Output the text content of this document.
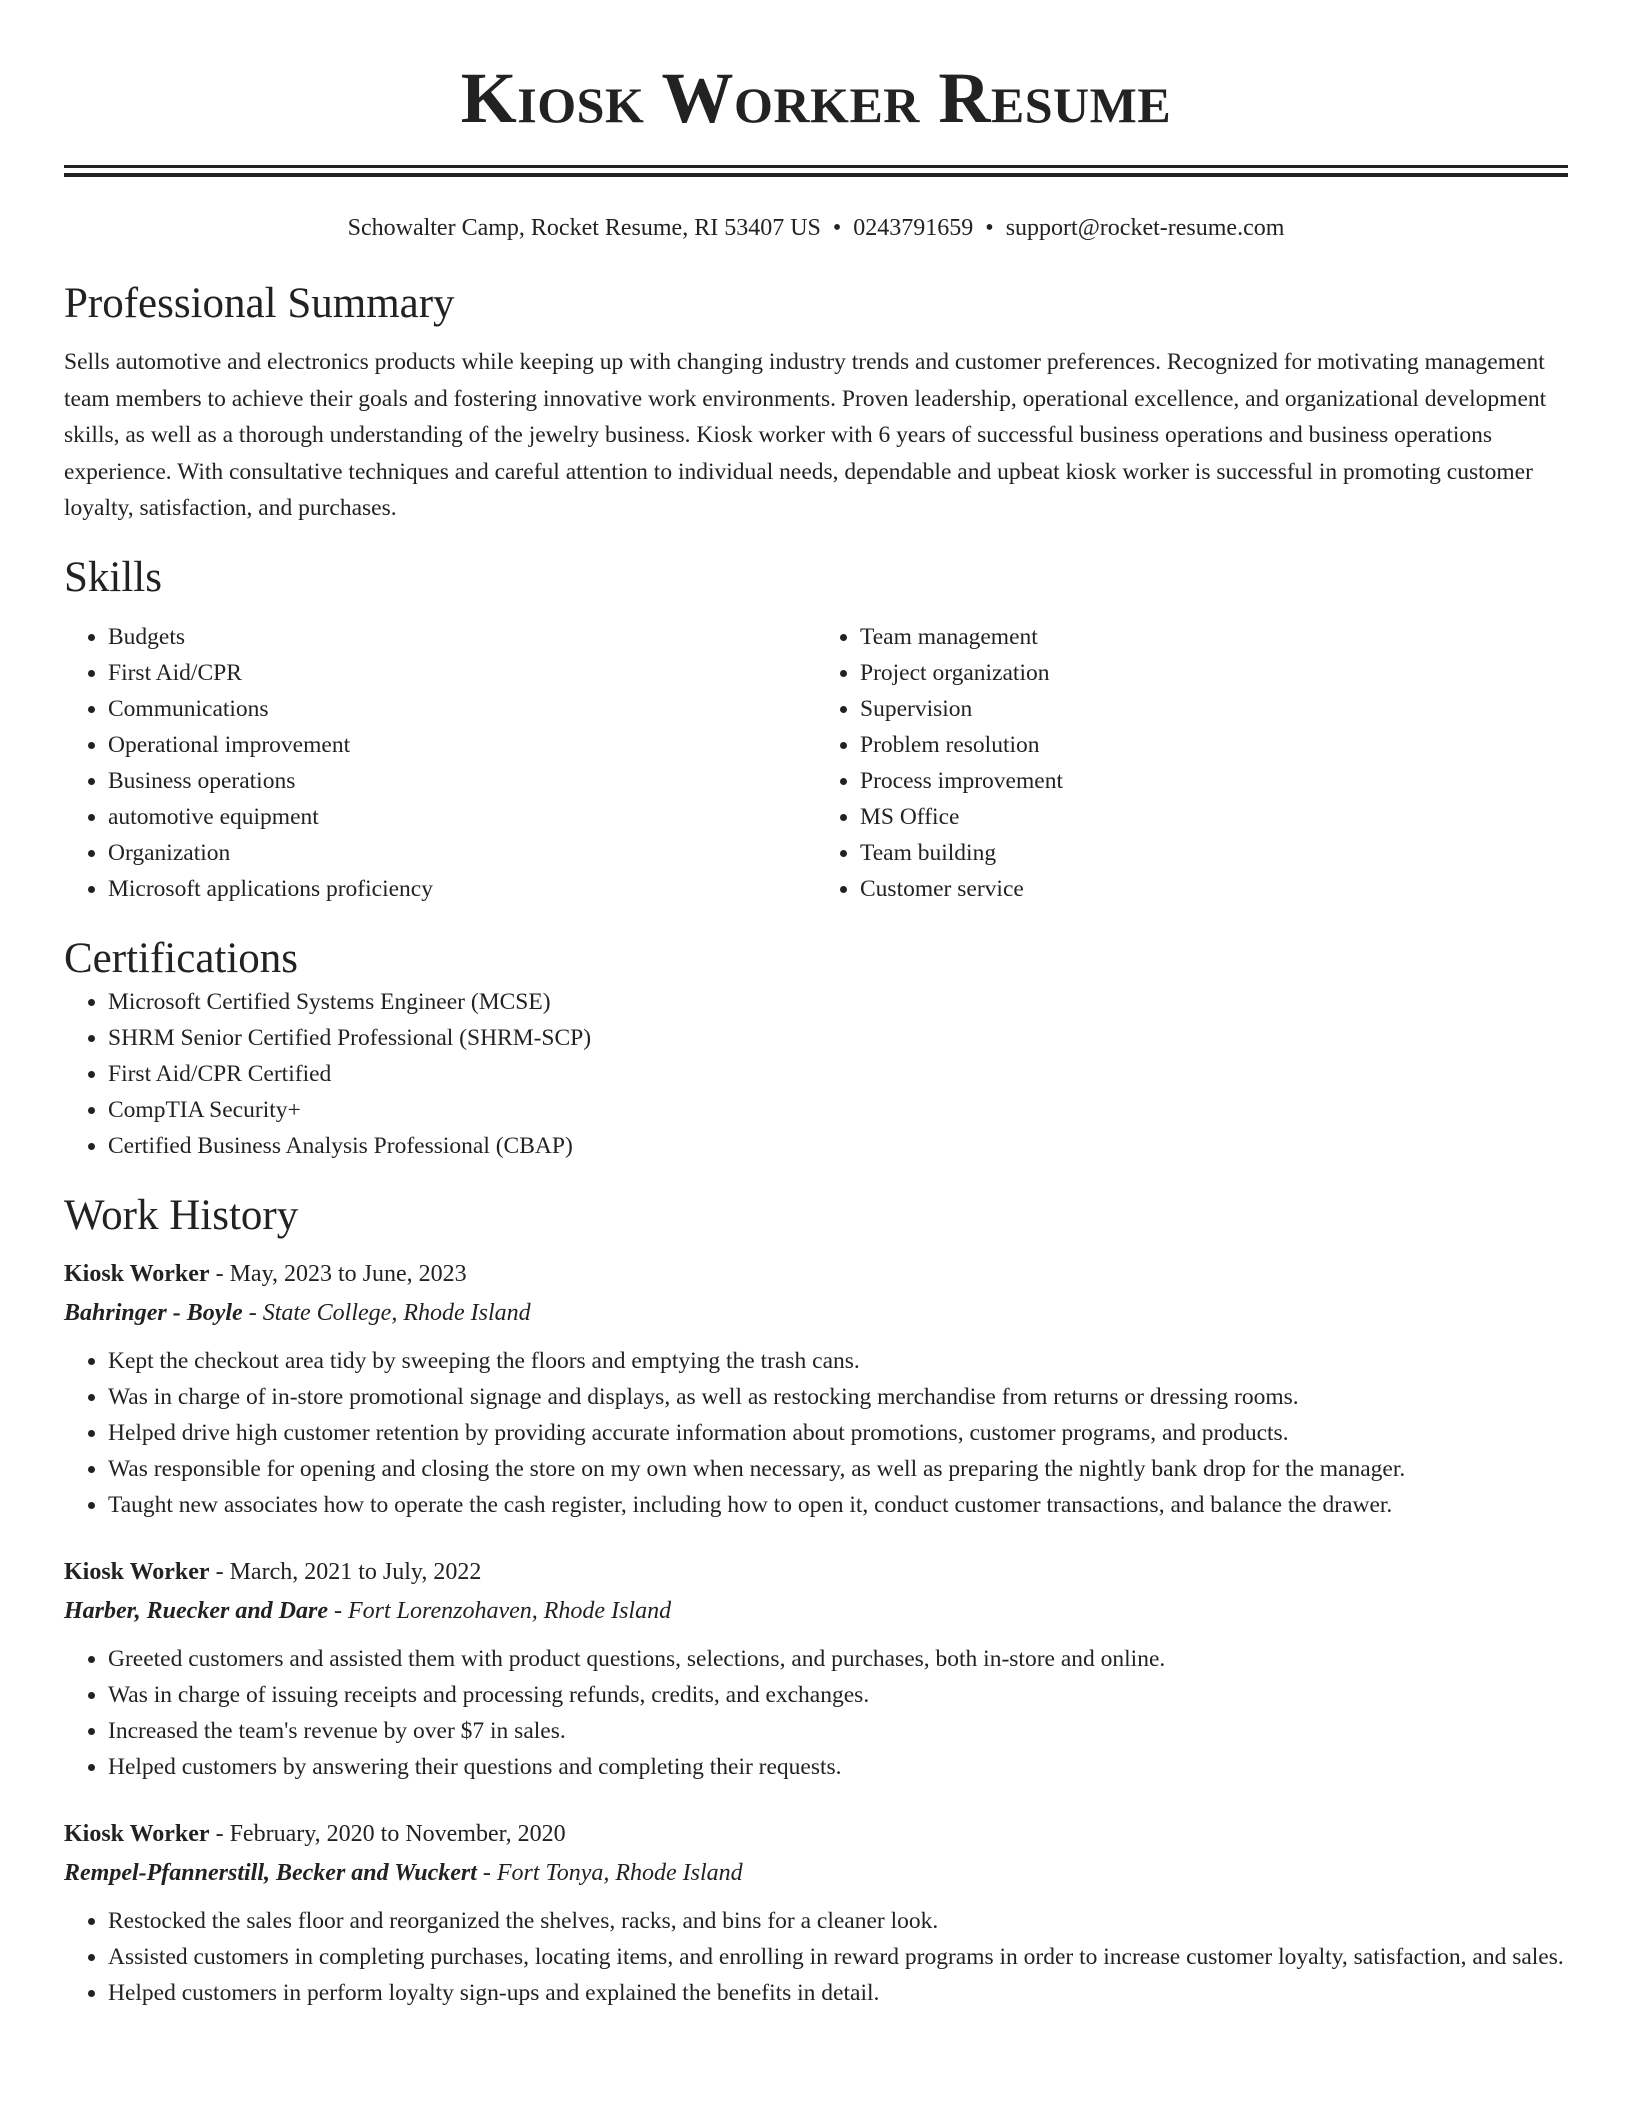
Kiosk Worker Resume
Schowalter Camp, Rocket Resume, RI 53407 US • 0243791659 • support@rocket-resume.com
Professional Summary
Sells automotive and electronics products while keeping up with changing industry trends and customer preferences. Recognized for motivating management team members to achieve their goals and fostering innovative work environments. Proven leadership, operational excellence, and organizational development skills, as well as a thorough understanding of the jewelry business. Kiosk worker with 6 years of successful business operations and business operations experience. With consultative techniques and careful attention to individual needs, dependable and upbeat kiosk worker is successful in promoting customer loyalty, satisfaction, and purchases.
Skills
• Budgets
• First Aid/CPR
• Communications
• Operational improvement
• Business operations
• automotive equipment
• Organization
• Microsoft applications proficiency
• Team management
• Project organization
• Supervision
• Problem resolution
• Process improvement
• MS Office
• Team building
• Customer service
Certifications
• Microsoft Certified Systems Engineer (MCSE)
• SHRM Senior Certified Professional (SHRM-SCP)
• First Aid/CPR Certified
• CompTIA Security+
• Certified Business Analysis Professional (CBAP)
Work History
Kiosk Worker - May, 2023 to June, 2023
Bahringer - Boyle - State College, Rhode Island
• Kept the checkout area tidy by sweeping the floors and emptying the trash cans.
• Was in charge of in-store promotional signage and displays, as well as restocking merchandise from returns or dressing rooms.
• Helped drive high customer retention by providing accurate information about promotions, customer programs, and products.
• Was responsible for opening and closing the store on my own when necessary, as well as preparing the nightly bank drop for the manager.
• Taught new associates how to operate the cash register, including how to open it, conduct customer transactions, and balance the drawer.
Kiosk Worker - March, 2021 to July, 2022
Harber, Ruecker and Dare - Fort Lorenzohaven, Rhode Island
• Greeted customers and assisted them with product questions, selections, and purchases, both in-store and online.
• Was in charge of issuing receipts and processing refunds, credits, and exchanges.
• Increased the team's revenue by over $7 in sales.
• Helped customers by answering their questions and completing their requests.
Kiosk Worker - February, 2020 to November, 2020
Rempel-Pfannerstill, Becker and Wuckert - Fort Tonya, Rhode Island
• Restocked the sales floor and reorganized the shelves, racks, and bins for a cleaner look.
• Assisted customers in completing purchases, locating items, and enrolling in reward programs in order to increase customer loyalty, satisfaction, and sales.
• Helped customers in perform loyalty sign-ups and explained the benefits in detail.
